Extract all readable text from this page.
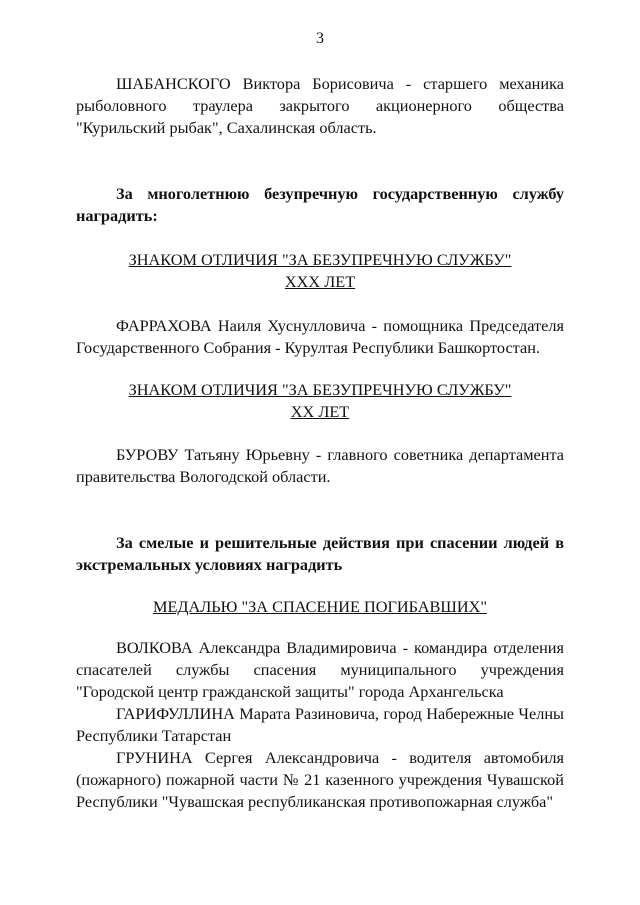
3

ШАБАНСКОГО Виктора Борисовича - старшего механика рыболовного траулера закрытого акционерного общества "Курильский рыбак", Сахалинская область.

За многолетнюю безупречную государственную службу наградить:

ЗНАКОМ ОТЛИЧИЯ "ЗА БЕЗУПРЕЧНУЮ СЛУЖБУ"
XXX ЛЕТ

ФАРРАХОВА Наиля Хуснулловича - помощника Председателя Государственного Собрания - Курултая Республики Башкортостан.

ЗНАКОМ ОТЛИЧИЯ "ЗА БЕЗУПРЕЧНУЮ СЛУЖБУ"
XX ЛЕТ

БУРОВУ Татьяну Юрьевну - главного советника департамента правительства Вологодской области.

За смелые и решительные действия при спасении людей в экстремальных условиях наградить

МЕДАЛЬЮ "ЗА СПАСЕНИЕ ПОГИБАВШИХ"

ВОЛКОВА Александра Владимировича - командира отделения спасателей службы спасения муниципального учреждения "Городской центр гражданской защиты" города Архангельска

ГАРИФУЛЛИНА Марата Разиновича, город Набережные Челны Республики Татарстан

ГРУНИНА Сергея Александровича - водителя автомобиля (пожарного) пожарной части № 21 казенного учреждения Чувашской Республики "Чувашская республиканская противопожарная служба"
